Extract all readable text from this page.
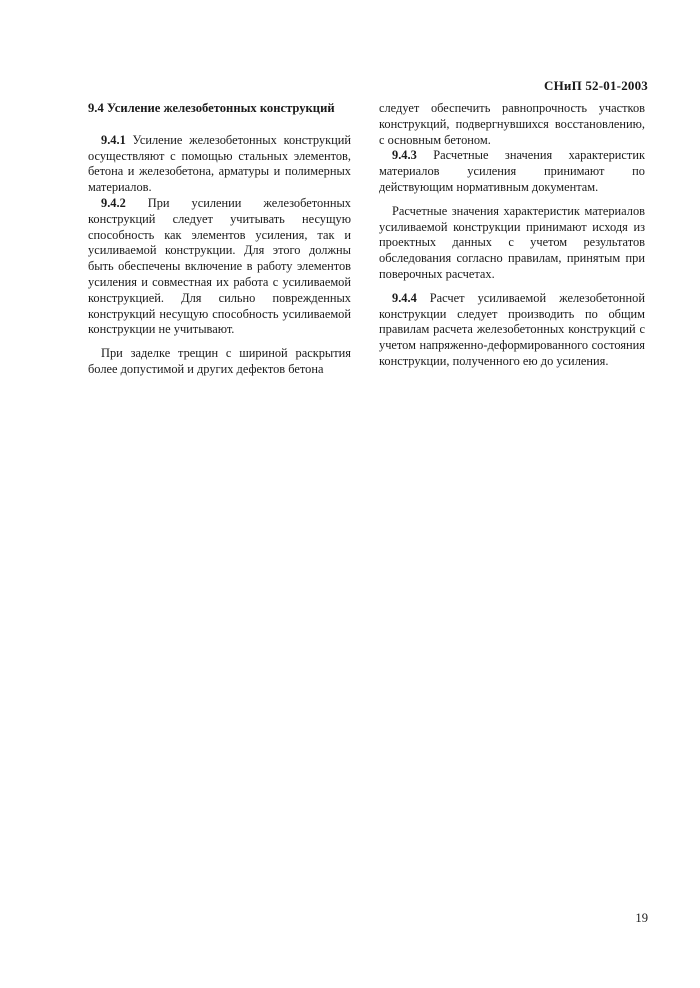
СНиП 52-01-2003

9.4 Усиление железобетонных конструкций

9.4.1 Усиление железобетонных конструкций осуществляют с помощью стальных элементов, бетона и железобетона, арматуры и полимерных материалов.

9.4.2 При усилении железобетонных конструкций следует учитывать несущую способность как элементов усиления, так и усиливаемой конструкции. Для этого должны быть обеспечены включение в работу элементов усиления и совместная их работа с усиливаемой конструкцией. Для сильно поврежденных конструкций несущую способность усиливаемой конструкции не учитывают.

При заделке трещин с шириной раскрытия более допустимой и других дефектов бетона

следует обеспечить равнопрочность участков конструкций, подвергнувшихся восстановлению, с основным бетоном.

9.4.3 Расчетные значения характеристик материалов усиления принимают по действующим нормативным документам.

Расчетные значения характеристик материалов усиливаемой конструкции принимают исходя из проектных данных с учетом результатов обследования согласно правилам, принятым при поверочных расчетах.

9.4.4 Расчет усиливаемой железобетонной конструкции следует производить по общим правилам расчета железобетонных конструкций с учетом напряженно-деформированного состояния конструкции, полученного ею до усиления.

19
